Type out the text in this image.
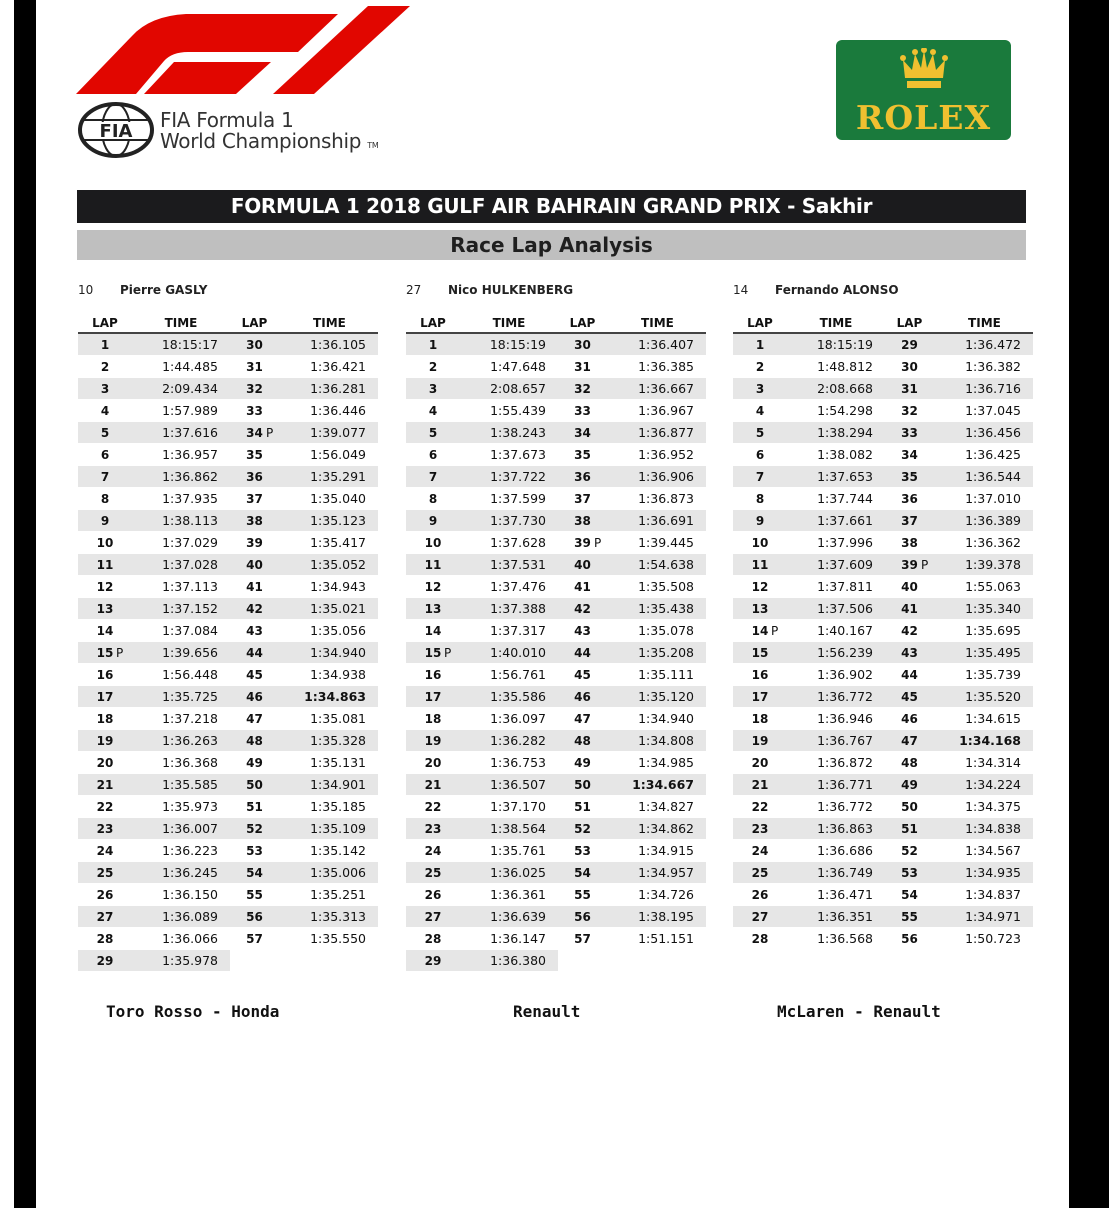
FIA FIA Formula 1
World Championship TM
ROLEX
FORMULA 1 2018 GULF AIR BAHRAIN GRAND PRIX - Sakhir
Race Lap Analysis
10 Pierre GASLY
LAP	TIME
1	18:15:17
2	1:44.485
3	2:09.434
4	1:57.989
5	1:37.616
6	1:36.957
7	1:36.862
8	1:37.935
9	1:38.113
10	1:37.029
11	1:37.028
12	1:37.113
13	1:37.152
14	1:37.084
15 P	1:39.656
16	1:56.448
17	1:35.725
18	1:37.218
19	1:36.263
20	1:36.368
21	1:35.585
22	1:35.973
23	1:36.007
24	1:36.223
25	1:36.245
26	1:36.150
27	1:36.089
28	1:36.066
29	1:35.978
LAP	TIME
30	1:36.105
31	1:36.421
32	1:36.281
33	1:36.446
34 P	1:39.077
35	1:56.049
36	1:35.291
37	1:35.040
38	1:35.123
39	1:35.417
40	1:35.052
41	1:34.943
42	1:35.021
43	1:35.056
44	1:34.940
45	1:34.938
46	1:34.863
47	1:35.081
48	1:35.328
49	1:35.131
50	1:34.901
51	1:35.185
52	1:35.109
53	1:35.142
54	1:35.006
55	1:35.251
56	1:35.313
57	1:35.550
Toro Rosso - Honda
27 Nico HULKENBERG
LAP	TIME
1	18:15:19
2	1:47.648
3	2:08.657
4	1:55.439
5	1:38.243
6	1:37.673
7	1:37.722
8	1:37.599
9	1:37.730
10	1:37.628
11	1:37.531
12	1:37.476
13	1:37.388
14	1:37.317
15 P	1:40.010
16	1:56.761
17	1:35.586
18	1:36.097
19	1:36.282
20	1:36.753
21	1:36.507
22	1:37.170
23	1:38.564
24	1:35.761
25	1:36.025
26	1:36.361
27	1:36.639
28	1:36.147
29	1:36.380
LAP	TIME
30	1:36.407
31	1:36.385
32	1:36.667
33	1:36.967
34	1:36.877
35	1:36.952
36	1:36.906
37	1:36.873
38	1:36.691
39 P	1:39.445
40	1:54.638
41	1:35.508
42	1:35.438
43	1:35.078
44	1:35.208
45	1:35.111
46	1:35.120
47	1:34.940
48	1:34.808
49	1:34.985
50	1:34.667
51	1:34.827
52	1:34.862
53	1:34.915
54	1:34.957
55	1:34.726
56	1:38.195
57	1:51.151
Renault
14 Fernando ALONSO
LAP	TIME
1	18:15:19
2	1:48.812
3	2:08.668
4	1:54.298
5	1:38.294
6	1:38.082
7	1:37.653
8	1:37.744
9	1:37.661
10	1:37.996
11	1:37.609
12	1:37.811
13	1:37.506
14 P	1:40.167
15	1:56.239
16	1:36.902
17	1:36.772
18	1:36.946
19	1:36.767
20	1:36.872
21	1:36.771
22	1:36.772
23	1:36.863
24	1:36.686
25	1:36.749
26	1:36.471
27	1:36.351
28	1:36.568
LAP	TIME
29	1:36.472
30	1:36.382
31	1:36.716
32	1:37.045
33	1:36.456
34	1:36.425
35	1:36.544
36	1:37.010
37	1:36.389
38	1:36.362
39 P	1:39.378
40	1:55.063
41	1:35.340
42	1:35.695
43	1:35.495
44	1:35.739
45	1:35.520
46	1:34.615
47	1:34.168
48	1:34.314
49	1:34.224
50	1:34.375
51	1:34.838
52	1:34.567
53	1:34.935
54	1:34.837
55	1:34.971
56	1:50.723
McLaren - Renault
